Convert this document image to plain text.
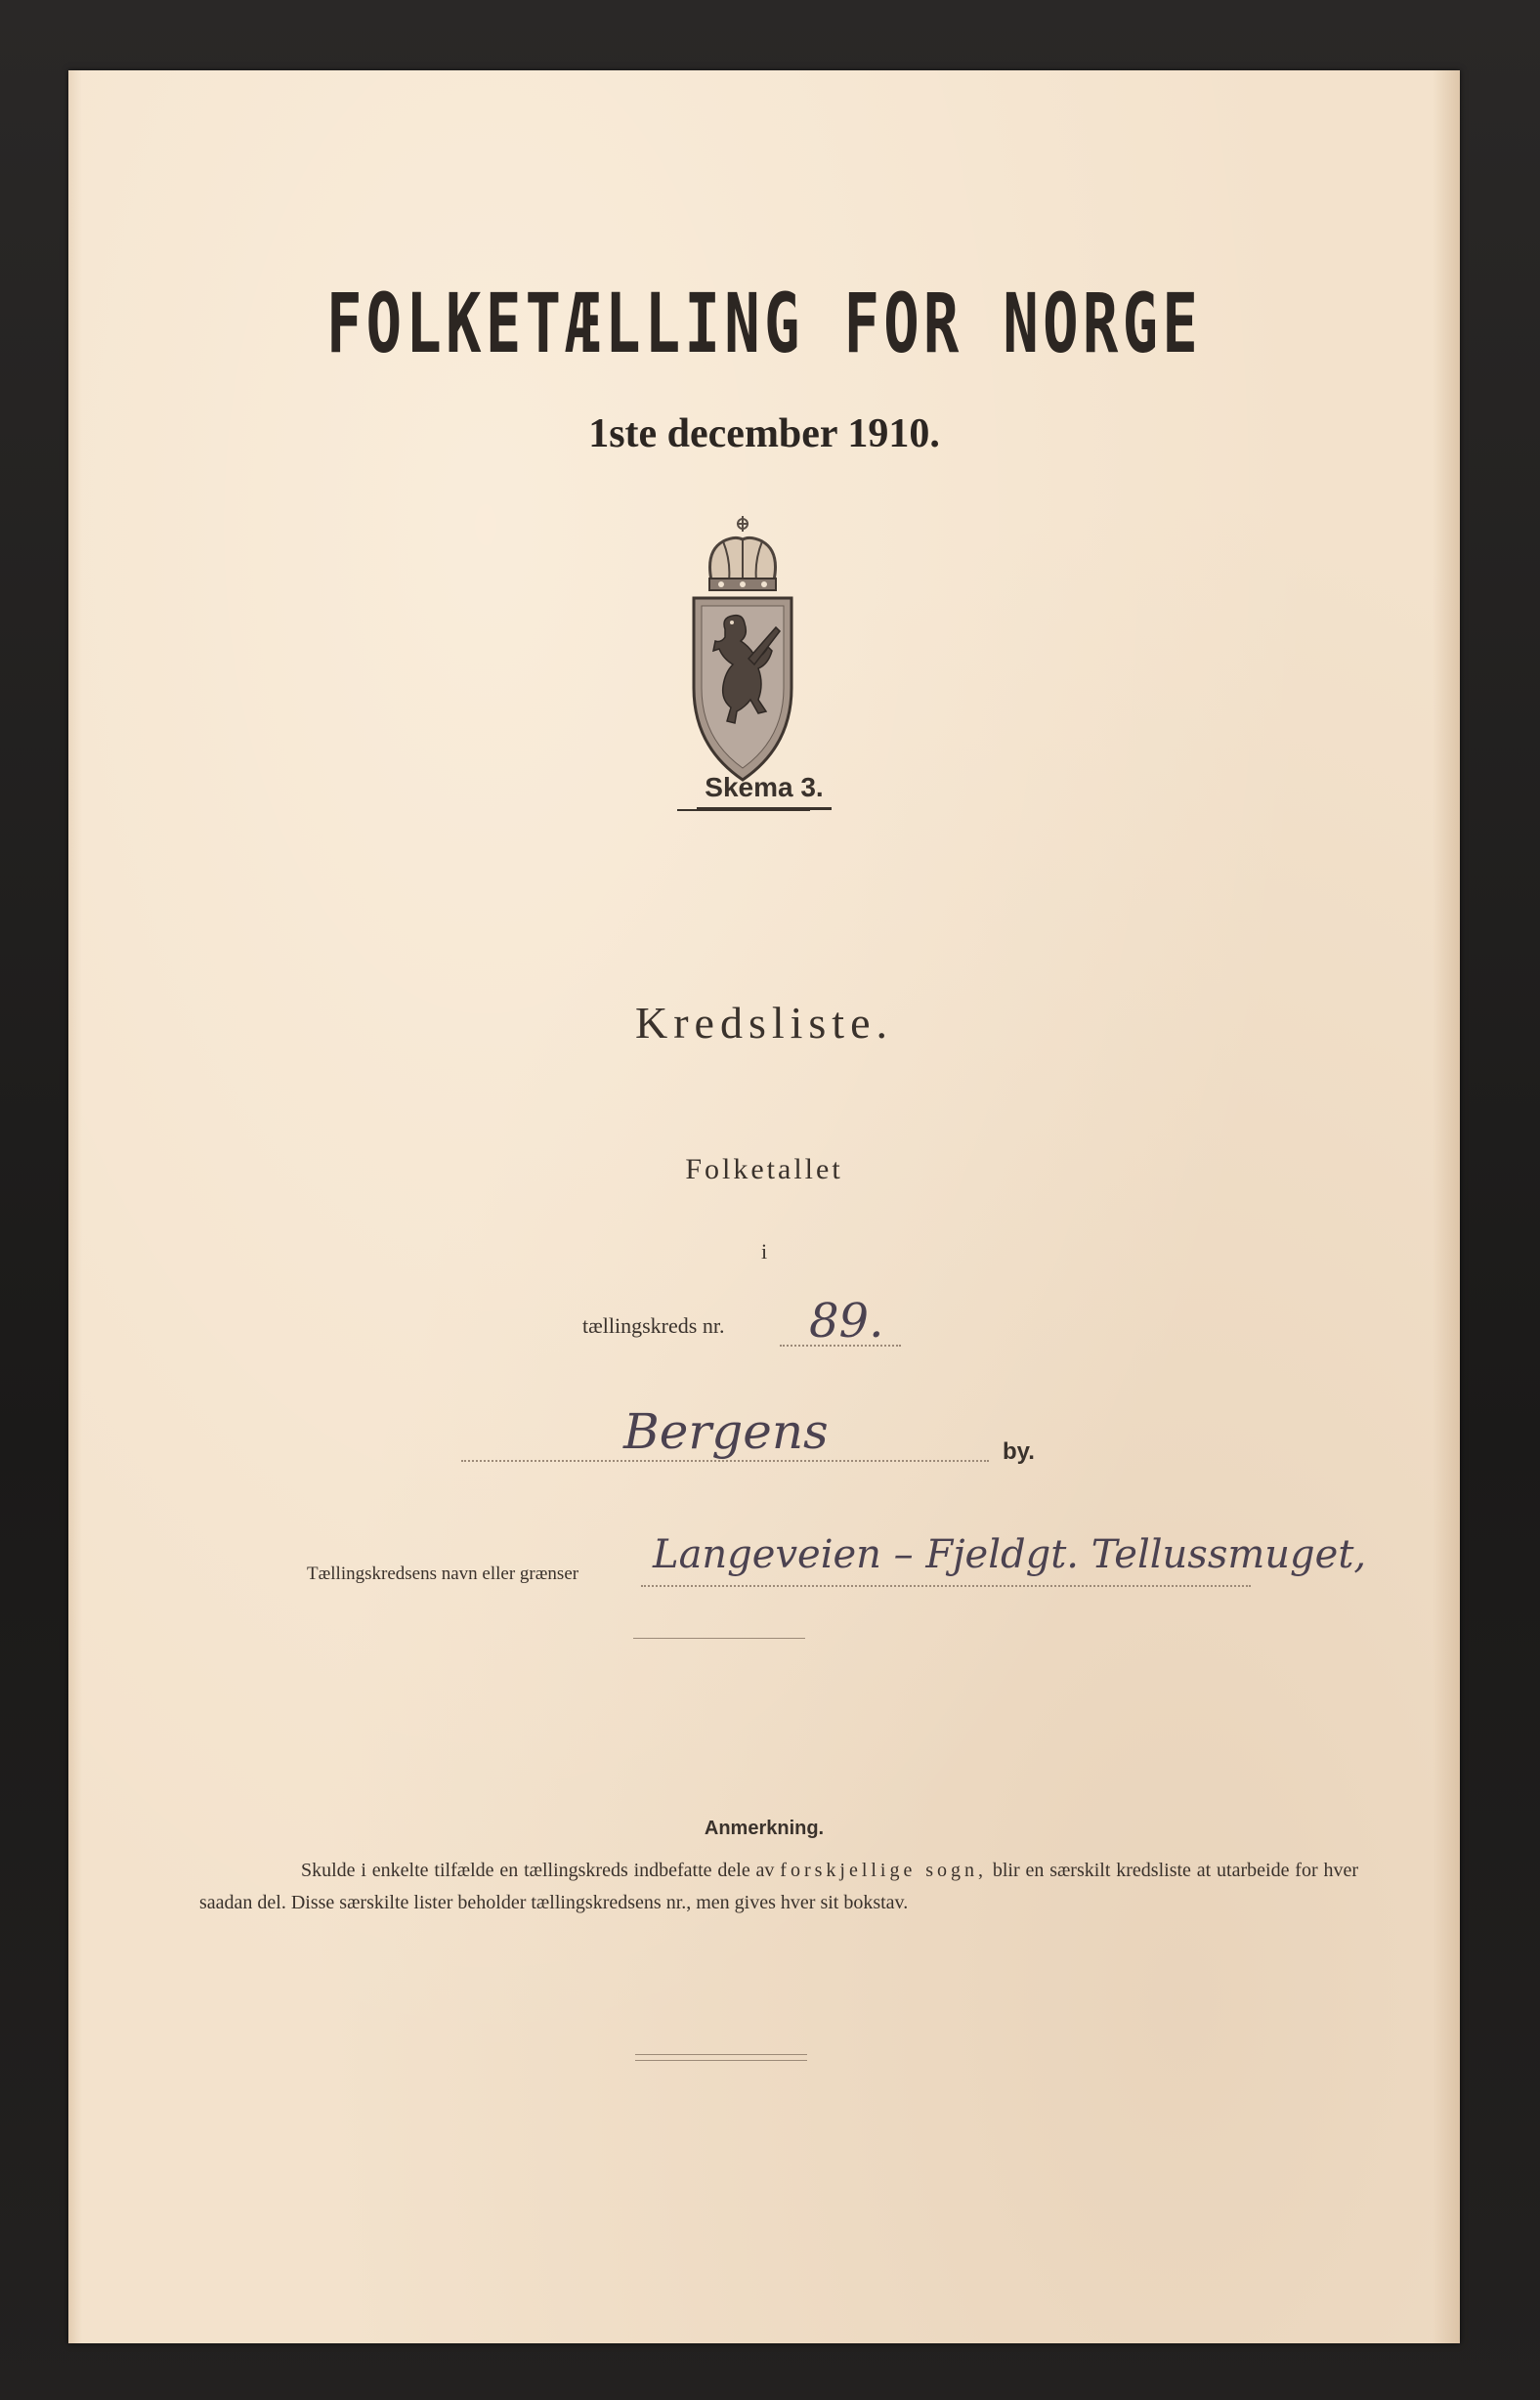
FOLKETÆLLING FOR NORGE
1ste december 1910.
Skema 3.
Kredsliste.
Folketallet
i
tællingskreds nr. 89.
Bergens	by.
Tællingskredsens navn eller grænser Langeveien – Fjeldgt. Tellussmuget,
Anmerkning.
Skulde i enkelte tilfælde en tællingskreds indbefatte dele av forskjellige sogn, blir en særskilt kredsliste at utarbeide for hver saadan del. Disse særskilte lister beholder tællingskredsens nr., men gives hver sit bokstav.
